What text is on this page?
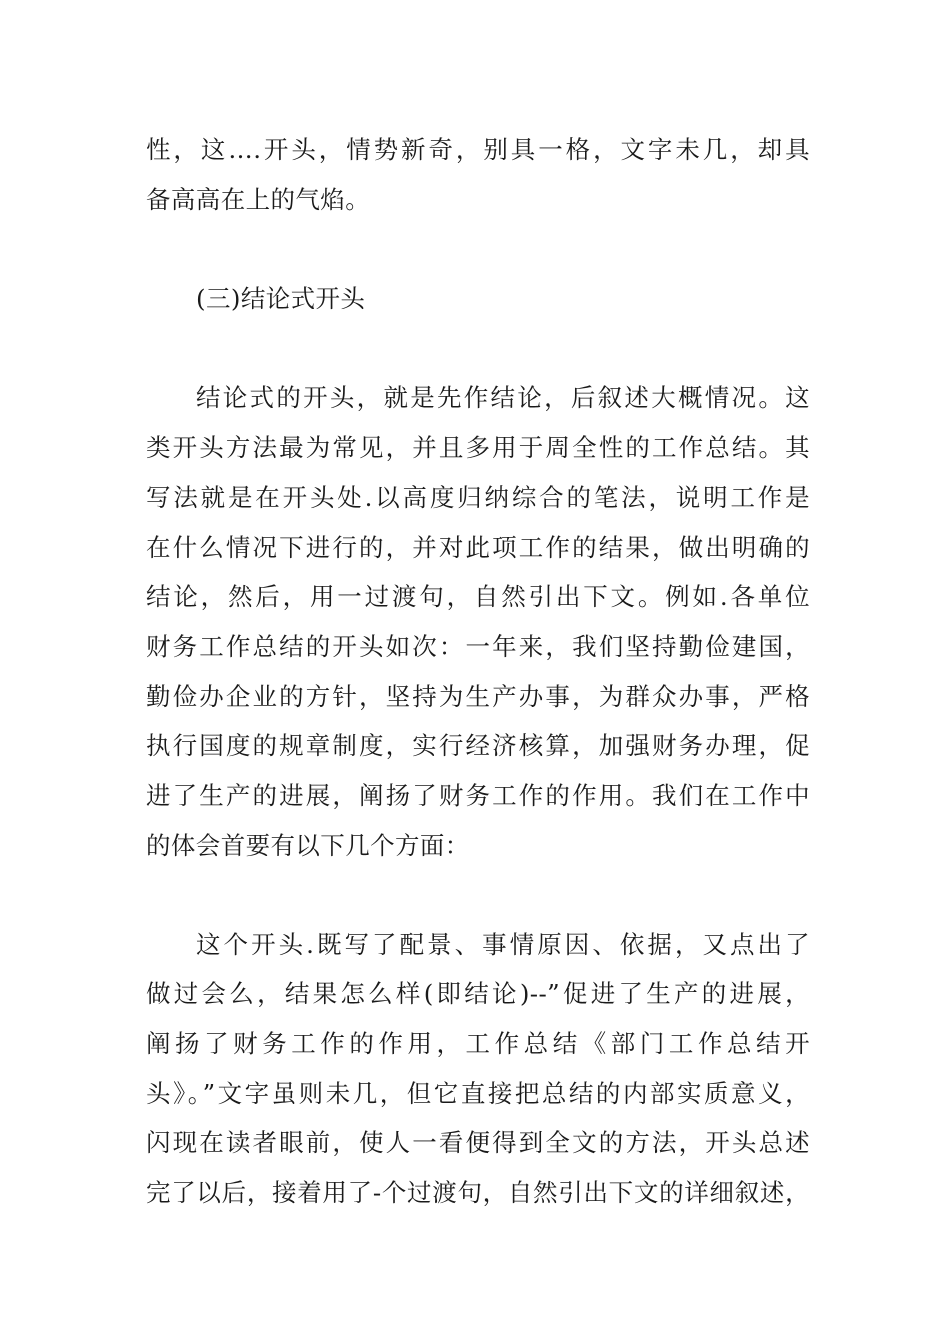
性，这….开头，情势新奇，别具一格，文字未几，却具
备高高在上的气焰。
(三)结论式开头
结论式的开头，就是先作结论，后叙述大概情况。这
类开头方法最为常见，并且多用于周全性的工作总结。其
写法就是在开头处.以高度归纳综合的笔法，说明工作是
在什么情况下进行的，并对此项工作的结果，做出明确的
结论，然后，用一过渡句，自然引出下文。例如.各单位
财务工作总结的开头如次：一年来，我们坚持勤俭建国，
勤俭办企业的方针，坚持为生产办事，为群众办事，严格
执行国度的规章制度，实行经济核算，加强财务办理，促
进了生产的进展，阐扬了财务工作的作用。我们在工作中
的体会首要有以下几个方面：
这个开头.既写了配景、事情原因、依据，又点出了
做过会么，结果怎么样(即结论)--”促进了生产的进展，
阐扬了财务工作的作用，工作总结《部门工作总结开
头》。”文字虽则未几，但它直接把总结的内部实质意义，
闪现在读者眼前，使人一看便得到全文的方法，开头总述
完了以后，接着用了-个过渡句，自然引出下文的详细叙述，
